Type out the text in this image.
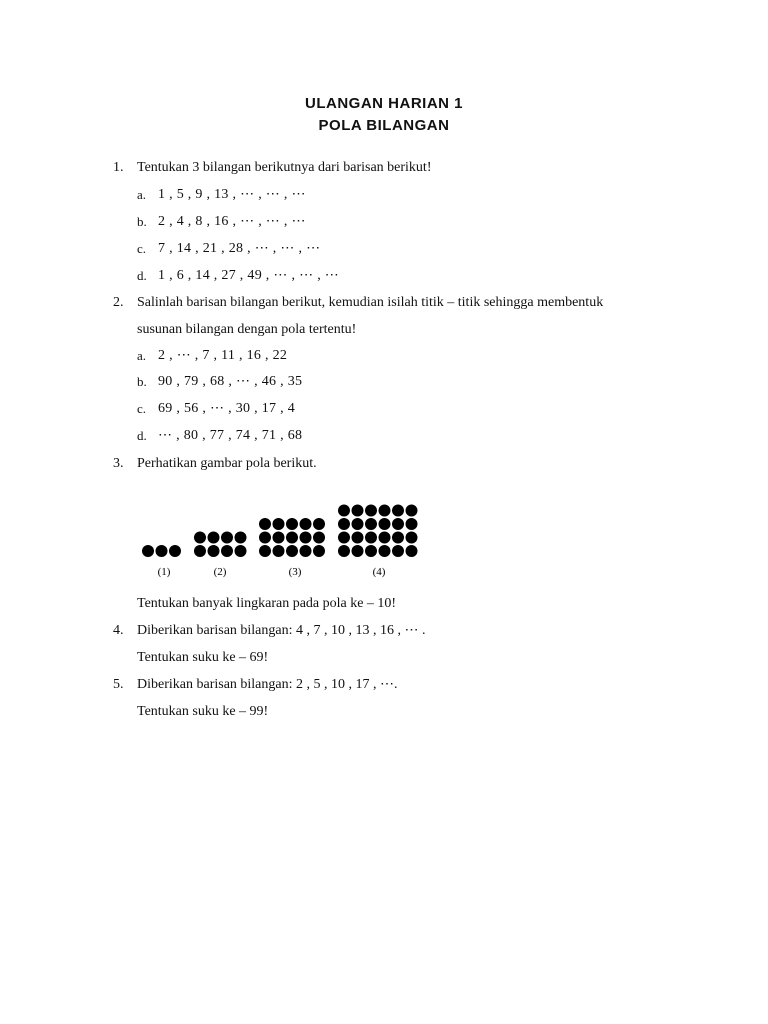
ULANGAN HARIAN 1
POLA BILANGAN
1. Tentukan 3 bilangan berikutnya dari barisan berikut!
a. 1 , 5 , 9 , 13 , ⋯ , ⋯ , ⋯
b. 2 , 4 , 8 , 16 , ⋯ , ⋯ , ⋯
c. 7 , 14 , 21 , 28 , ⋯ , ⋯ , ⋯
d. 1 , 6 , 14 , 27 , 49 , ⋯ , ⋯ , ⋯
2. Salinlah barisan bilangan berikut, kemudian isilah titik – titik sehingga membentuk
susunan bilangan dengan pola tertentu!
a. 2 , ⋯ , 7 , 11 , 16 , 22
b. 90 , 79 , 68 , ⋯ , 46 , 35
c. 69 , 56 , ⋯ , 30 , 17 , 4
d. ⋯ , 80 , 77 , 74 , 71 , 68
3. Perhatikan gambar pola berikut.
(1)	(2)	(3)	(4)
Tentukan banyak lingkaran pada pola ke – 10!
4. Diberikan barisan bilangan: 4 , 7 , 10 , 13 , 16 , ⋯ .
Tentukan suku ke – 69!
5. Diberikan barisan bilangan: 2 , 5 , 10 , 17 , ⋯.
Tentukan suku ke – 99!
